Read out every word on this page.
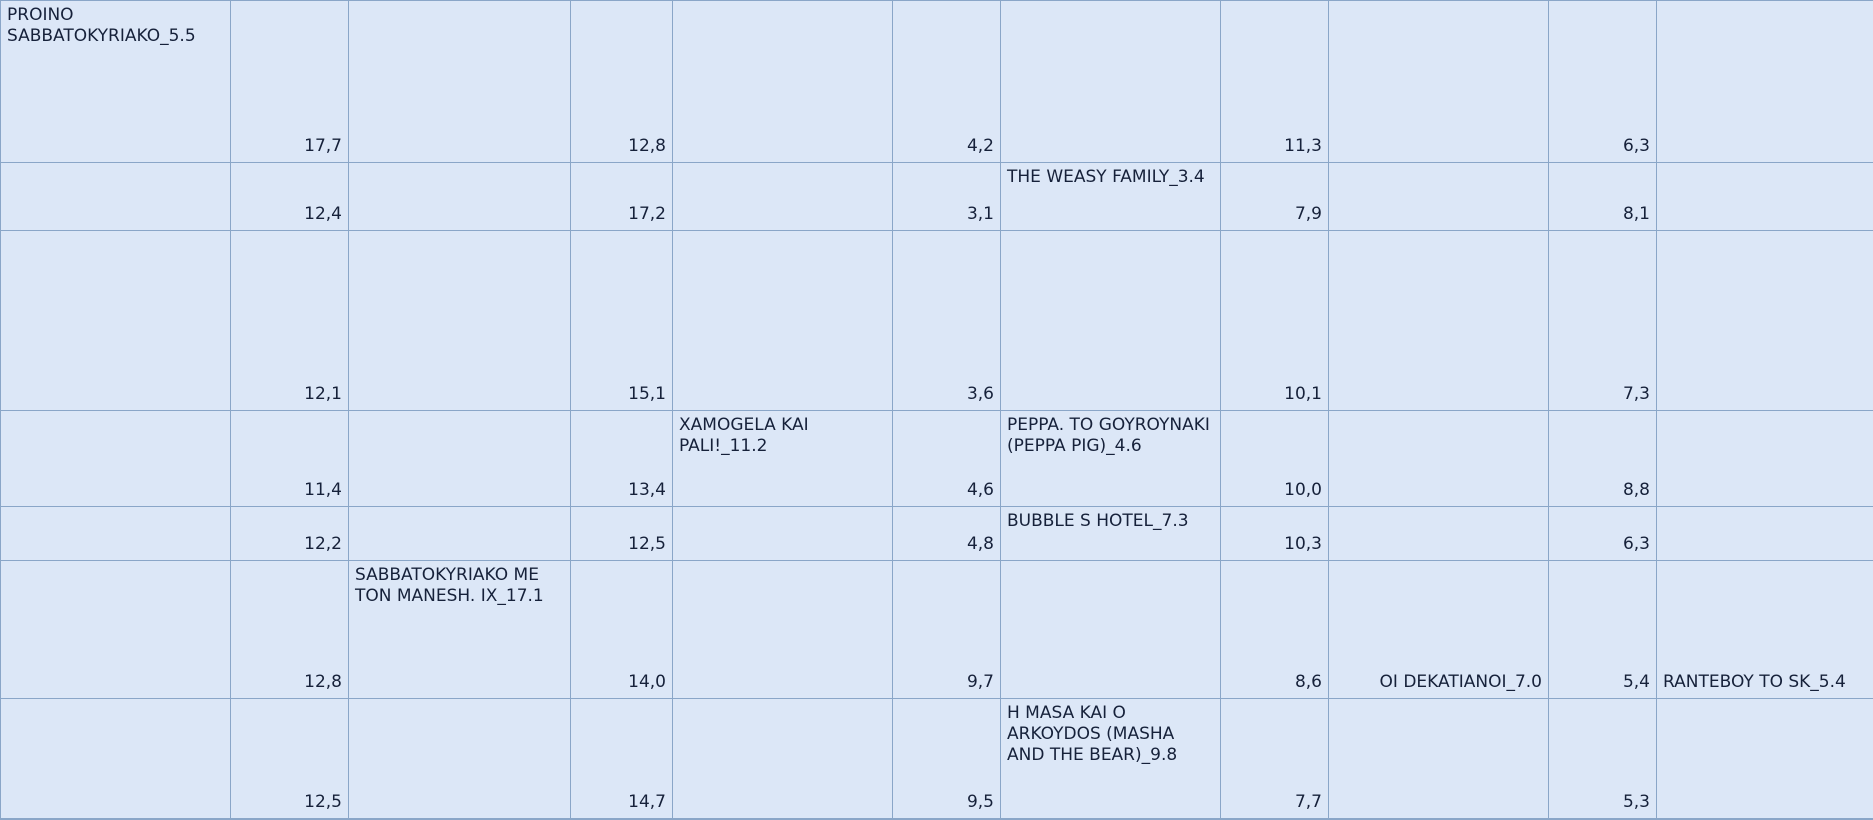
PROINO SABBATOKYRIAKO_5.5	17,7		12,8		4,2		11,3		6,3	

	12,4		17,2		3,1	THE WEASY FAMILY_3.4	7,9		8,1	

	12,1		15,1		3,6		10,1		7,3	

	11,4		13,4	XAMOGELA KAI PALI!_11.2	4,6	PEPPA. TO GOYROYNAKI (PEPPA PIG)_4.6	10,0		8,8	

	12,2		12,5		4,8	BUBBLE S HOTEL_7.3	10,3		6,3	

	12,8	SABBATOKYRIAKO ME TON MANESH. IX_17.1	14,0		9,7		8,6	OI DEKATIANOI_7.0	5,4	RANTEBOY TO SK_5.4

	12,5		14,7		9,5	H MASA KAI O ARKOYDOS (MASHA AND THE BEAR)_9.8	7,7		5,3	
